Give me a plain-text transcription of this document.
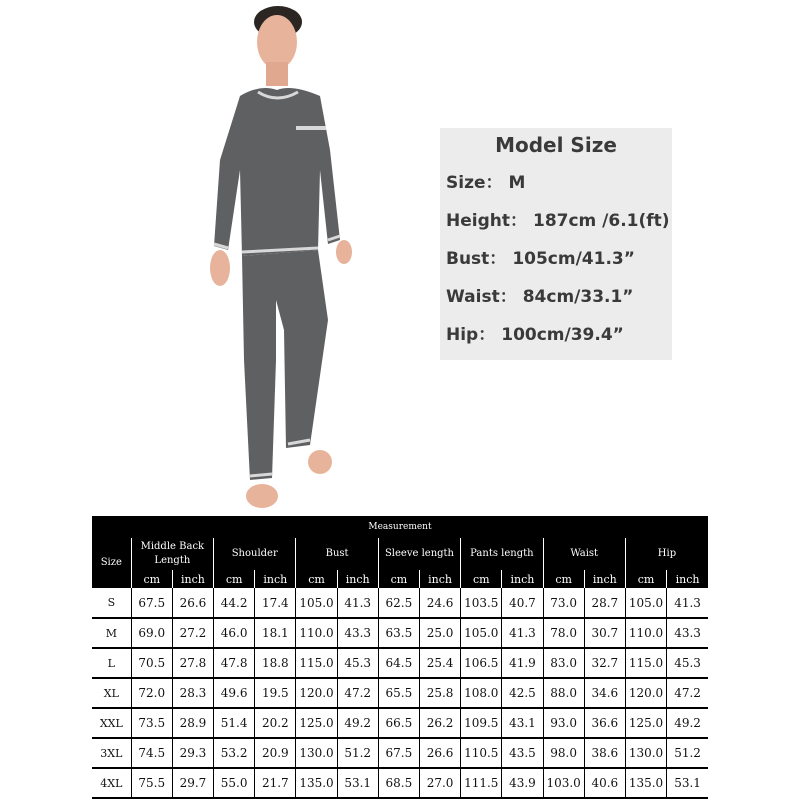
Model Size
Size： M
Height： 187cm /6.1(ft)
Bust： 105cm/41.3”
Waist： 84cm/33.1”
Hip： 100cm/39.4”
Measurement														
Size	Middle Back Length		Shoulder		Bust		Sleeve length		Pants length		Waist		Hip	
	cm	inch	cm	inch	cm	inch	cm	inch	cm	inch	cm	inch	cm	inch
S	67.5	26.6	44.2	17.4	105.0	41.3	62.5	24.6	103.5	40.7	73.0	28.7	105.0	41.3
M	69.0	27.2	46.0	18.1	110.0	43.3	63.5	25.0	105.0	41.3	78.0	30.7	110.0	43.3
L	70.5	27.8	47.8	18.8	115.0	45.3	64.5	25.4	106.5	41.9	83.0	32.7	115.0	45.3
XL	72.0	28.3	49.6	19.5	120.0	47.2	65.5	25.8	108.0	42.5	88.0	34.6	120.0	47.2
XXL	73.5	28.9	51.4	20.2	125.0	49.2	66.5	26.2	109.5	43.1	93.0	36.6	125.0	49.2
3XL	74.5	29.3	53.2	20.9	130.0	51.2	67.5	26.6	110.5	43.5	98.0	38.6	130.0	51.2
4XL	75.5	29.7	55.0	21.7	135.0	53.1	68.5	27.0	111.5	43.9	103.0	40.6	135.0	53.1
